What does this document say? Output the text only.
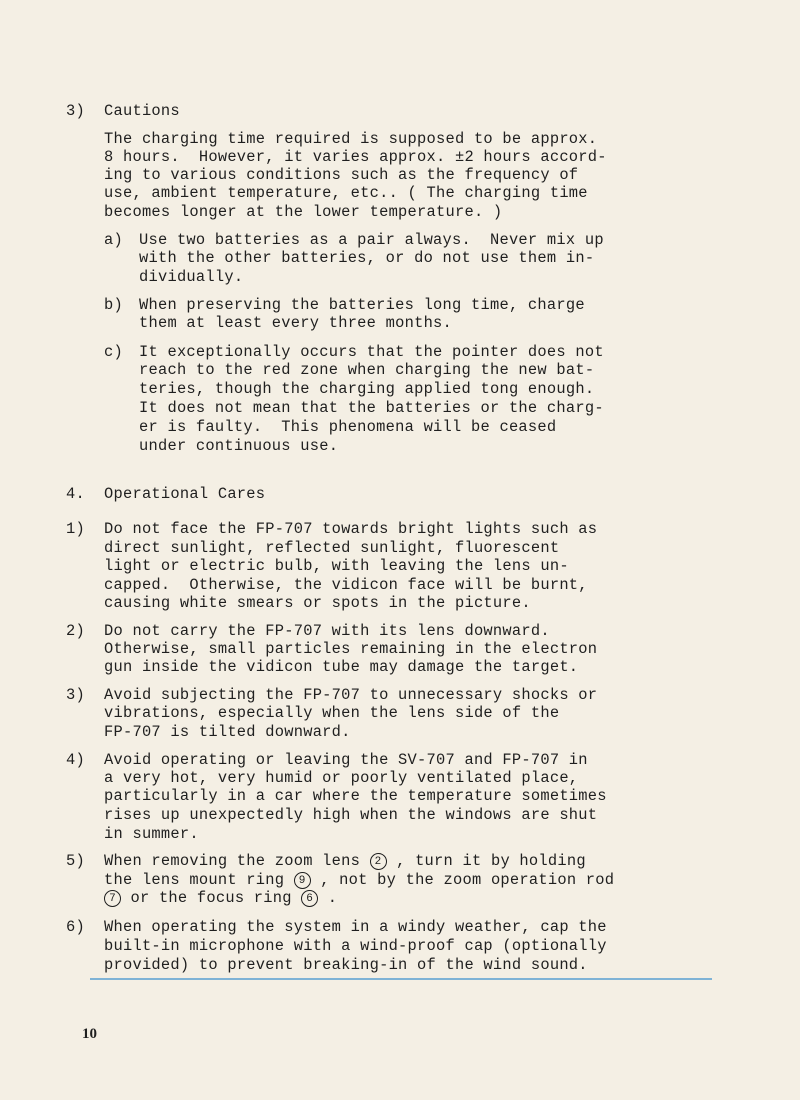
3) Cautions
The charging time required is supposed to be approx.
8 hours.  However, it varies approx. ±2 hours accord-
ing to various conditions such as the frequency of
use, ambient temperature, etc.. ( The charging time
becomes longer at the lower temperature. )
a) Use two batteries as a pair always.  Never mix up
with the other batteries, or do not use them in-
dividually.
b) When preserving the batteries long time, charge
them at least every three months.
c) It exceptionally occurs that the pointer does not
reach to the red zone when charging the new bat-
teries, though the charging applied tong enough.
It does not mean that the batteries or the charg-
er is faulty.  This phenomena will be ceased
under continuous use.
4. Operational Cares
1) Do not face the FP-707 towards bright lights such as
direct sunlight, reflected sunlight, fluorescent
light or electric bulb, with leaving the lens un-
capped.  Otherwise, the vidicon face will be burnt,
causing white smears or spots in the picture.
2) Do not carry the FP-707 with its lens downward.
Otherwise, small particles remaining in the electron
gun inside the vidicon tube may damage the target.
3) Avoid subjecting the FP-707 to unnecessary shocks or
vibrations, especially when the lens side of the
FP-707 is tilted downward.
4) Avoid operating or leaving the SV-707 and FP-707 in
a very hot, very humid or poorly ventilated place,
particularly in a car where the temperature sometimes
rises up unexpectedly high when the windows are shut
in summer.
5) When removing the zoom lens 2 , turn it by holding
the lens mount ring 9 , not by the zoom operation rod
7 or the focus ring 6 .
6) When operating the system in a windy weather, cap the
built-in microphone with a wind-proof cap (optionally
provided) to prevent breaking-in of the wind sound.
10
